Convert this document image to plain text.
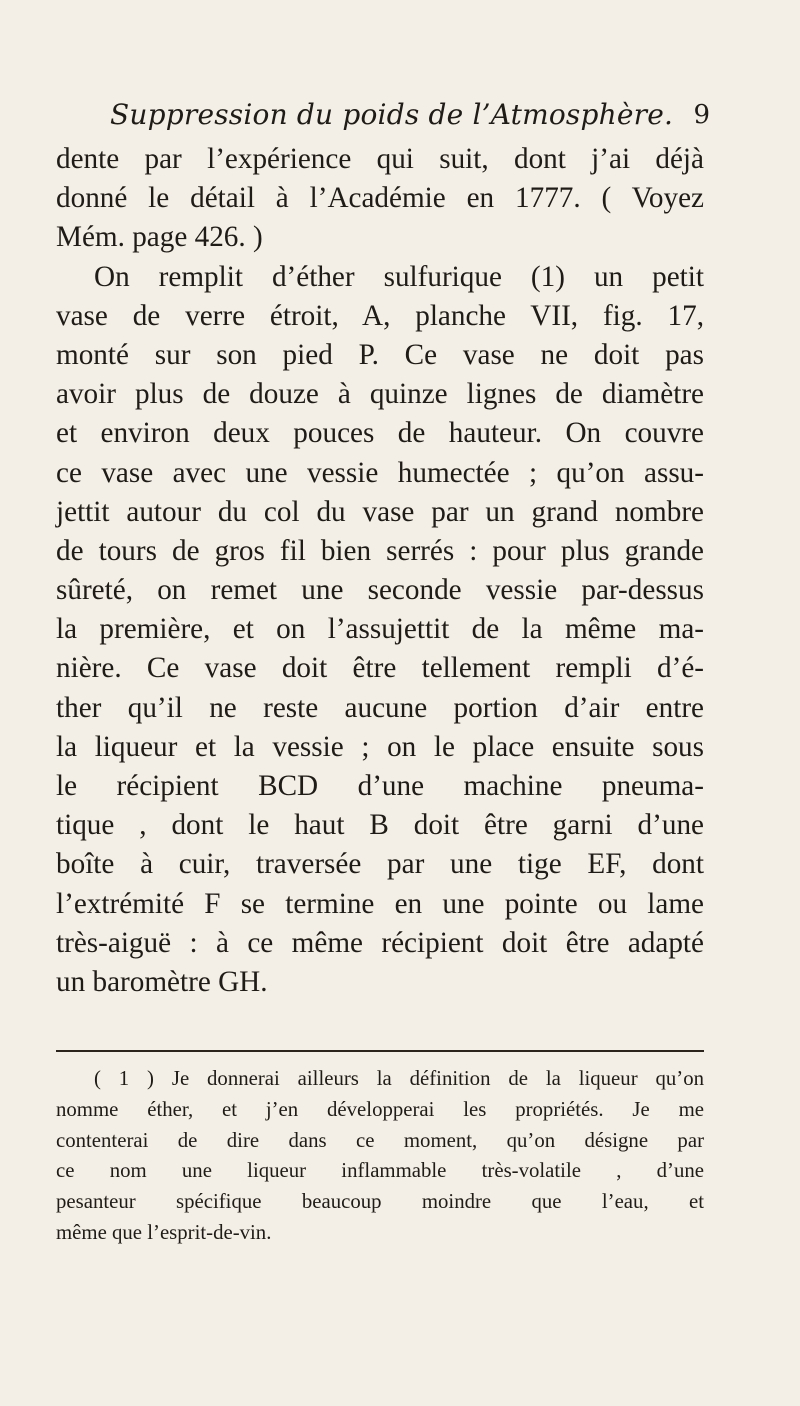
Suppression du poids de l’Atmosphère. 9
dente par l’expérience qui suit, dont j’ai déjà
donné le détail à l’Académie en 1777. ( Voyez
Mém. page 426. )
On remplit d’éther sulfurique (1) un petit
vase de verre étroit, A, planche VII, fig. 17,
monté sur son pied P. Ce vase ne doit pas
avoir plus de douze à quinze lignes de diamètre
et environ deux pouces de hauteur. On couvre
ce vase avec une vessie humectée ; qu’on assu-
jettit autour du col du vase par un grand nombre
de tours de gros fil bien serrés : pour plus grande
sûreté, on remet une seconde vessie par-dessus
la première, et on l’assujettit de la même ma-
nière. Ce vase doit être tellement rempli d’é-
ther qu’il ne reste aucune portion d’air entre
la liqueur et la vessie ; on le place ensuite sous
le récipient BCD d’une machine pneuma-
tique , dont le haut B doit être garni d’une
boîte à cuir, traversée par une tige EF, dont
l’extrémité F se termine en une pointe ou lame
très-aiguë : à ce même récipient doit être adapté
un baromètre GH.
( 1 ) Je donnerai ailleurs la définition de la liqueur qu’on
nomme éther, et j’en développerai les propriétés. Je me
contenterai de dire dans ce moment, qu’on désigne par
ce nom une liqueur inflammable très-volatile , d’une
pesanteur spécifique beaucoup moindre que l’eau, et
même que l’esprit-de-vin.
